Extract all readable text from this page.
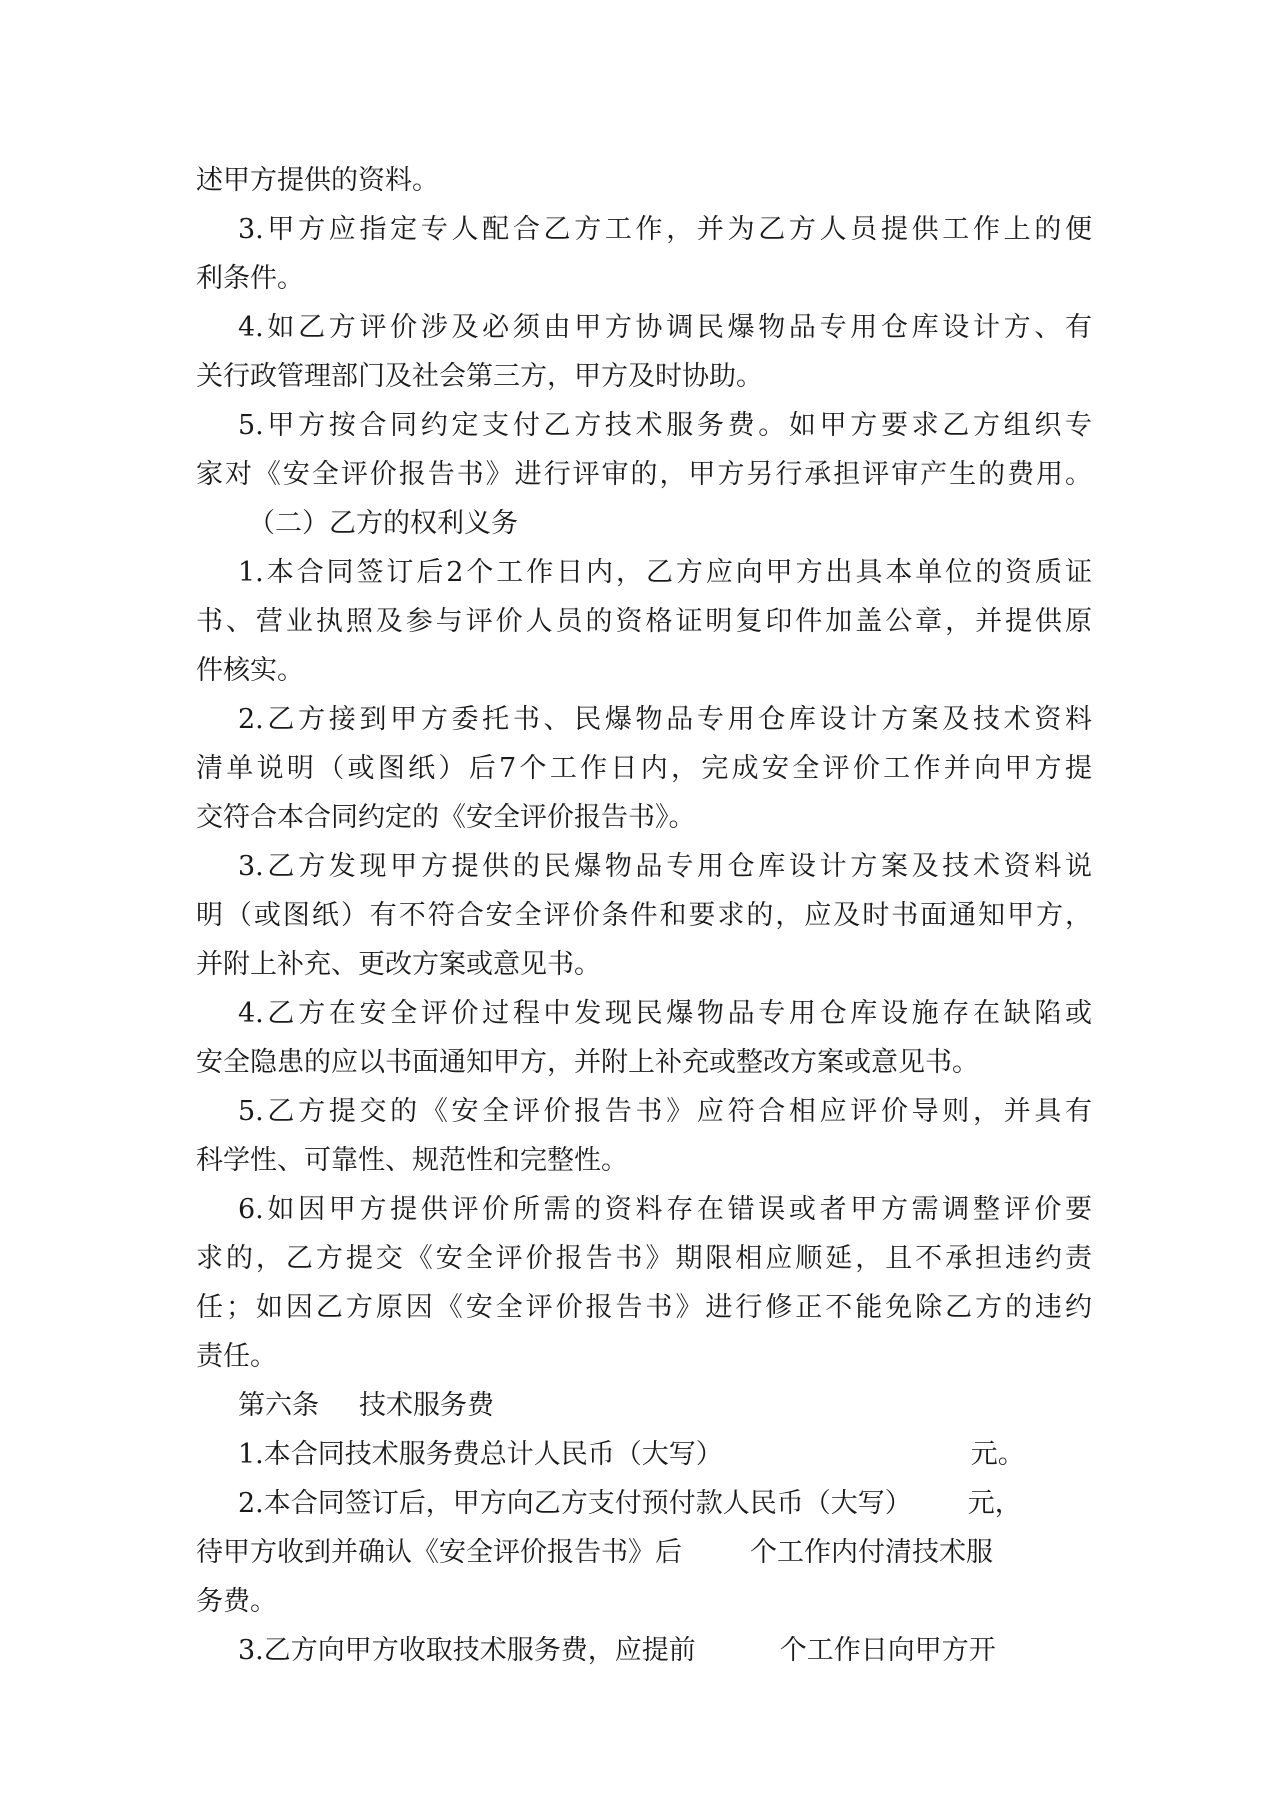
述甲方提供的资料。
3.甲方应指定专人配合乙方工作，并为乙方人员提供工作上的便
利条件。
4.如乙方评价涉及必须由甲方协调民爆物品专用仓库设计方、有
关行政管理部门及社会第三方，甲方及时协助。
5.甲方按合同约定支付乙方技术服务费。如甲方要求乙方组织专
家对《安全评价报告书》进行评审的，甲方另行承担评审产生的费用。
（二）乙方的权利义务
1.本合同签订后2个工作日内，乙方应向甲方出具本单位的资质证
书、营业执照及参与评价人员的资格证明复印件加盖公章，并提供原
件核实。
2.乙方接到甲方委托书、民爆物品专用仓库设计方案及技术资料
清单说明（或图纸）后7个工作日内，完成安全评价工作并向甲方提
交符合本合同约定的《安全评价报告书》。
3.乙方发现甲方提供的民爆物品专用仓库设计方案及技术资料说
明（或图纸）有不符合安全评价条件和要求的，应及时书面通知甲方，
并附上补充、更改方案或意见书。
4.乙方在安全评价过程中发现民爆物品专用仓库设施存在缺陷或
安全隐患的应以书面通知甲方，并附上补充或整改方案或意见书。
5.乙方提交的《安全评价报告书》应符合相应评价导则，并具有
科学性、可靠性、规范性和完整性。
6.如因甲方提供评价所需的资料存在错误或者甲方需调整评价要
求的，乙方提交《安全评价报告书》期限相应顺延，且不承担违约责
任；如因乙方原因《安全评价报告书》进行修正不能免除乙方的违约
责任。
第六条 技术服务费
1.本合同技术服务费总计人民币（大写）	元。
2.本合同签订后，甲方向乙方支付预付款人民币（大写） 元，
待甲方收到并确认《安全评价报告书》后	个工作内付清技术服
务费。
3.乙方向甲方收取技术服务费，应提前	个工作日向甲方开
